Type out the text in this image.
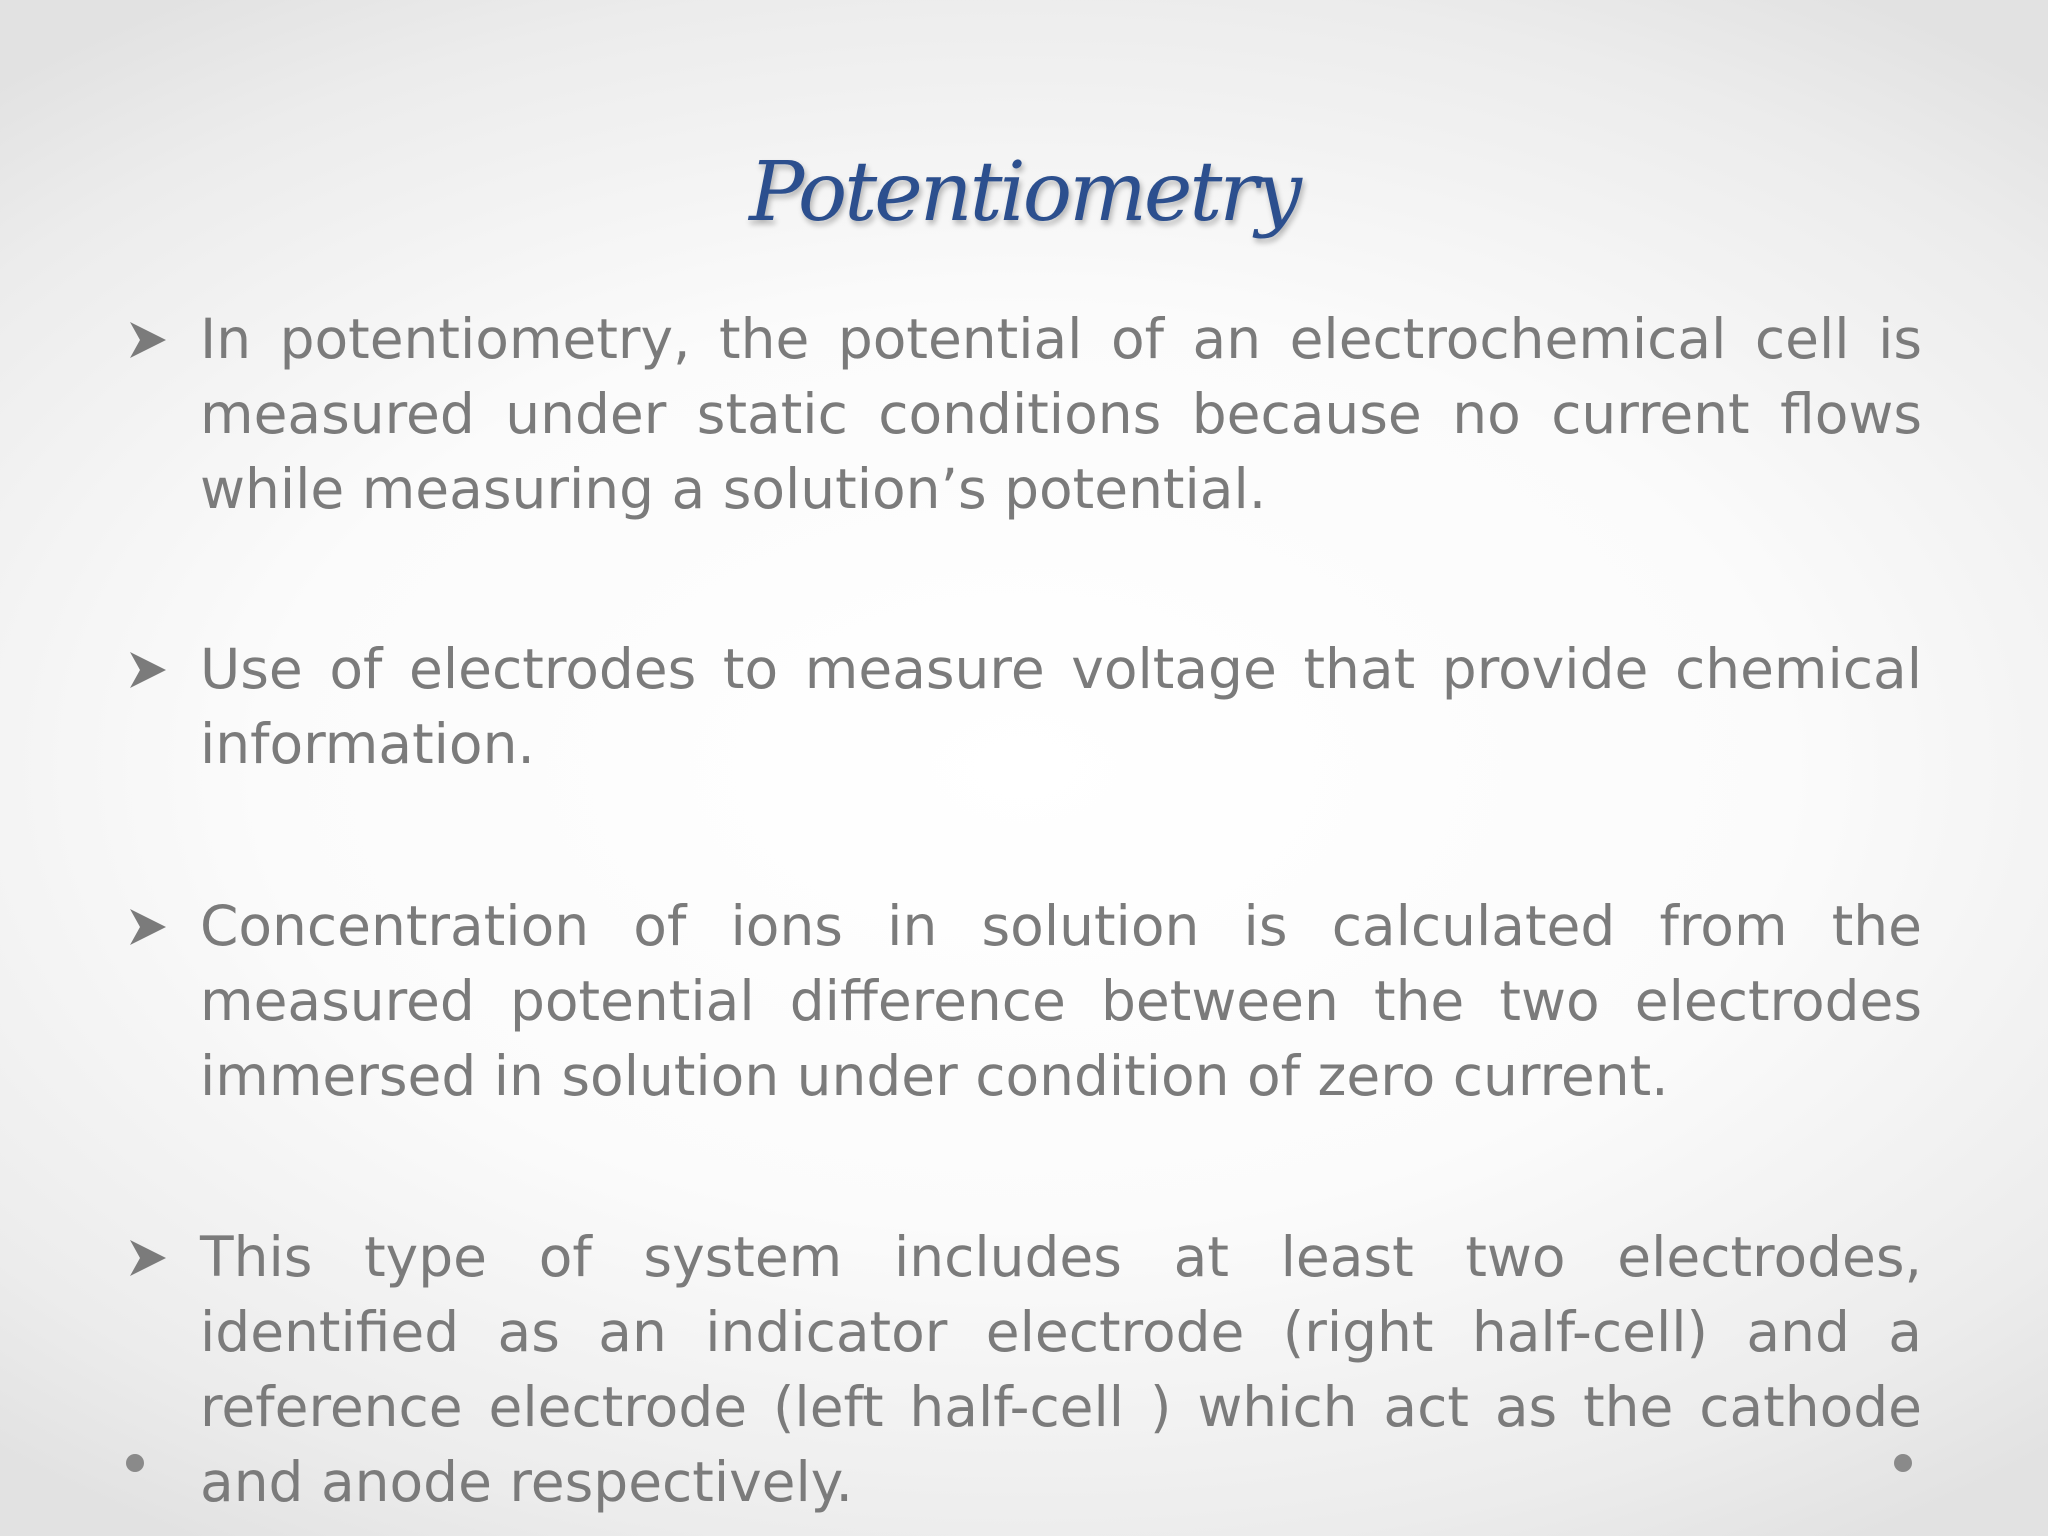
Potentiometry

In potentiometry, the potential of an electrochemical cell is measured under static conditions because no current flows while measuring a solution’s potential.

Use of electrodes to measure voltage that provide chemical information.

Concentration of ions in solution is calculated from the measured potential difference between the two electrodes immersed in solution under condition of zero current.

This type of system includes at least two electrodes, identified as an indicator electrode (right half-cell) and a reference electrode (left half-cell ) which act as the cathode and anode respectively.
